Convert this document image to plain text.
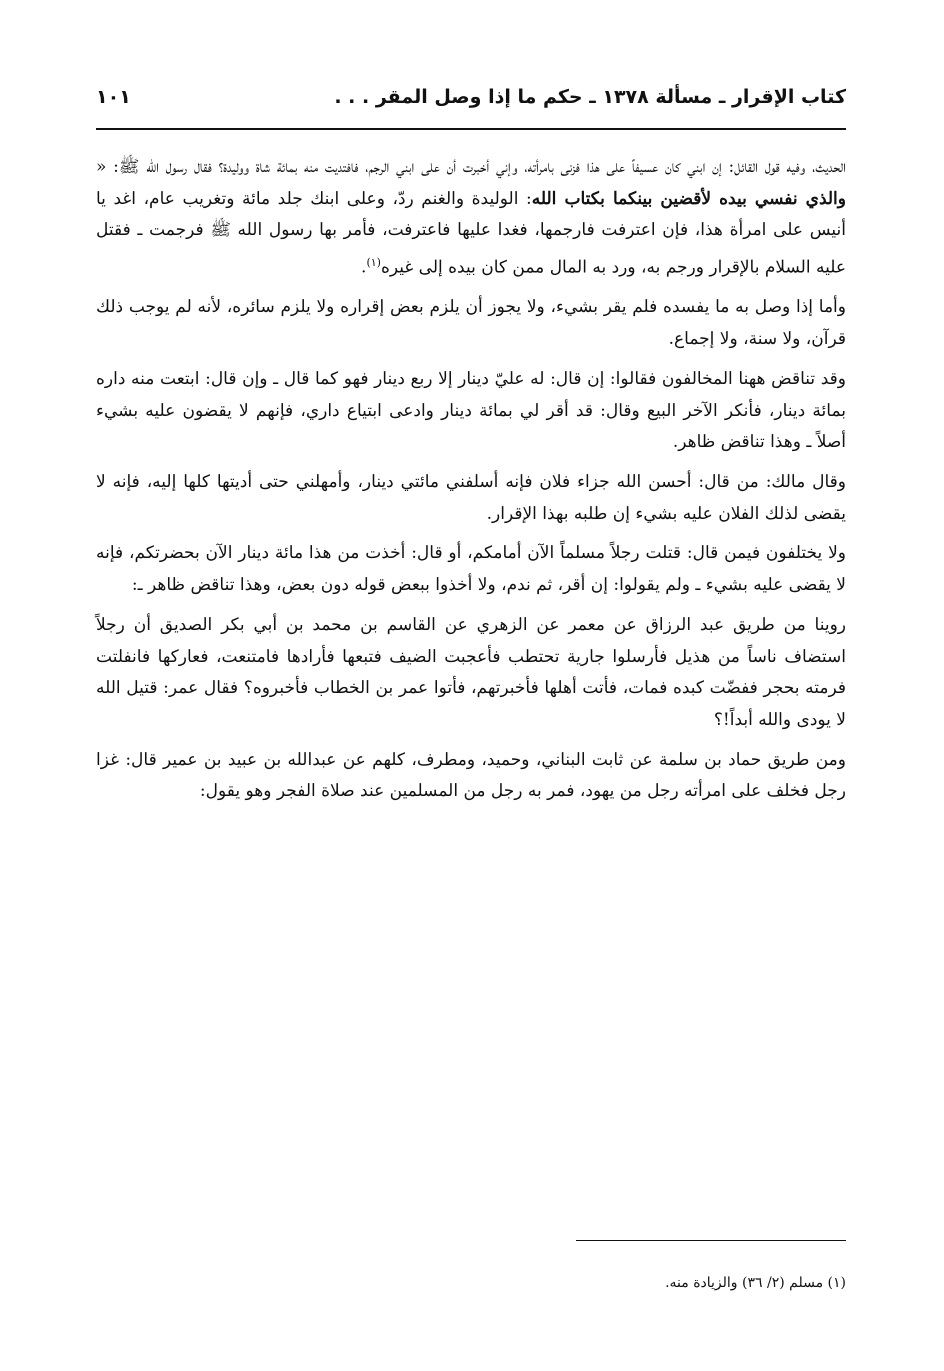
كتاب الإقرار ـ مسألة ١٣٧٨ ـ حكم ما إذا وصل المقر . . .
١٠١

الحديث، وفيه قول القائل: إن ابني كان عسيفاً على هذا فزنى بامرأته، وإني أخبرت أن على ابني الرجم، فافتديت منه بمائة شاة ووليدة؟ فقال رسول الله ﷺ: « والذي نفسي بيده لأقضين بينكما بكتاب الله: الوليدة والغنم ردّ، وعلى ابنك جلد مائة وتغريب عام، اغد يا أنيس على امرأة هذا، فإن اعترفت فارجمها، فغدا عليها فاعترفت، فأمر بها رسول الله ﷺ فرجمت ـ فقتل عليه السلام بالإقرار ورجم به، ورد به المال ممن كان بيده إلى غيره$^{(١)}$.

وأما إذا وصل به ما يفسده فلم يقر بشيء، ولا يجوز أن يلزم بعض إقراره ولا يلزم سائره، لأنه لم يوجب ذلك قرآن، ولا سنة، ولا إجماع.

وقد تناقض ههنا المخالفون فقالوا: إن قال: له عليّ دينار إلا ربع دينار فهو كما قال ـ وإن قال: ابتعت منه داره بمائة دينار، فأنكر الآخر البيع وقال: قد أقر لي بمائة دينار وادعى ابتياع داري، فإنهم لا يقضون عليه بشيء أصلاً ـ وهذا تناقض ظاهر.

وقال مالك: من قال: أحسن الله جزاء فلان فإنه أسلفني مائتي دينار، وأمهلني حتى أديتها كلها إليه، فإنه لا يقضى لذلك الفلان عليه بشيء إن طلبه بهذا الإقرار.

ولا يختلفون فيمن قال: قتلت رجلاً مسلماً الآن أمامكم، أو قال: أخذت من هذا مائة دينار الآن بحضرتكم، فإنه لا يقضى عليه بشيء ـ ولم يقولوا: إن أقر، ثم ندم، ولا أخذوا ببعض قوله دون بعض، وهذا تناقض ظاهر ـ:

روينا من طريق عبد الرزاق عن معمر عن الزهري عن القاسم بن محمد بن أبي بكر الصديق أن رجلاً استضاف ناساً من هذيل فأرسلوا جارية تحتطب فأعجبت الضيف فتبعها فأرادها فامتنعت، فعاركها فانفلتت فرمته بحجر ففضّت كبده فمات، فأتت أهلها فأخبرتهم، فأتوا عمر بن الخطاب فأخبروه؟ فقال عمر: قتيل الله لا يودى والله أبداً!؟

ومن طريق حماد بن سلمة عن ثابت البناني، وحميد، ومطرف، كلهم عن عبدالله بن عبيد بن عمير قال: غزا رجل فخلف على امرأته رجل من يهود، فمر به رجل من المسلمين عند صلاة الفجر وهو يقول:

(١) مسلم (٢/ ٣٦) والزيادة منه.
